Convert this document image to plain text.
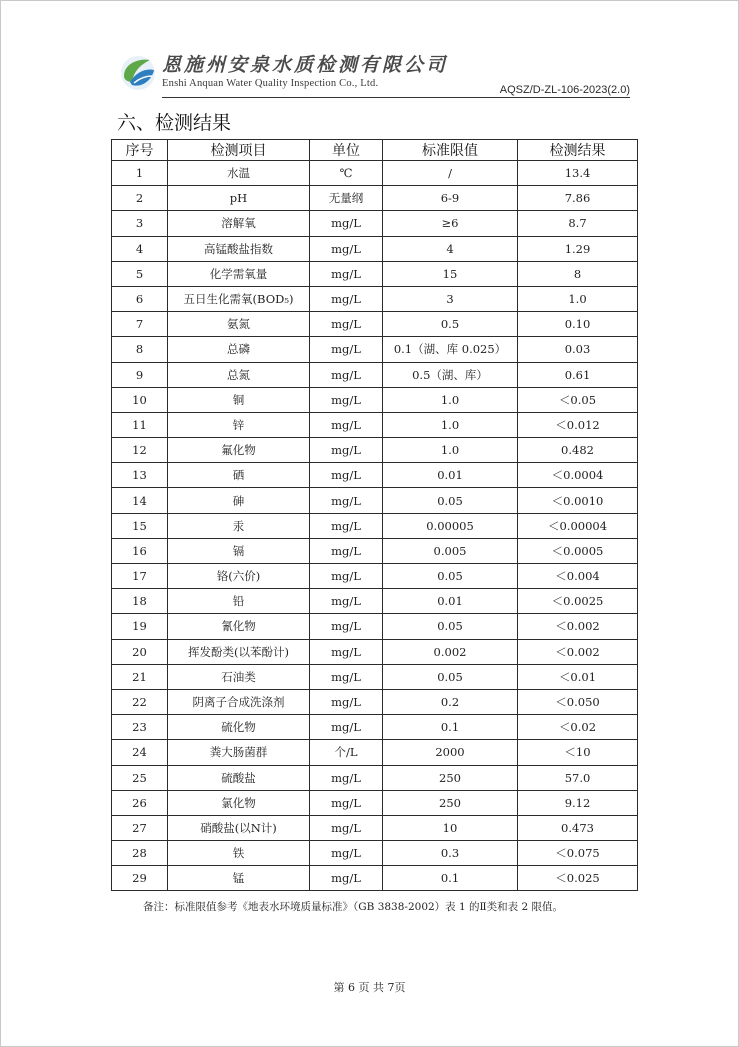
恩施州安泉水质检测有限公司
Enshi Anquan Water Quality Inspection Co., Ltd.
AQSZ/D-ZL-106-2023(2.0)
六、检测结果
序号	检测项目	单位	标准限值	检测结果
1	水温	℃	/	13.4
2	pH	无量纲	6-9	7.86
3	溶解氧	mg/L	≥6	8.7
4	高锰酸盐指数	mg/L	4	1.29
5	化学需氧量	mg/L	15	8
6	五日生化需氧(BOD₅)	mg/L	3	1.0
7	氨氮	mg/L	0.5	0.10
8	总磷	mg/L	0.1（湖、库 0.025）	0.03
9	总氮	mg/L	0.5（湖、库）	0.61
10	铜	mg/L	1.0	＜0.05
11	锌	mg/L	1.0	＜0.012
12	氟化物	mg/L	1.0	0.482
13	硒	mg/L	0.01	＜0.0004
14	砷	mg/L	0.05	＜0.0010
15	汞	mg/L	0.00005	＜0.00004
16	镉	mg/L	0.005	＜0.0005
17	铬(六价)	mg/L	0.05	＜0.004
18	铅	mg/L	0.01	＜0.0025
19	氰化物	mg/L	0.05	＜0.002
20	挥发酚类(以苯酚计)	mg/L	0.002	＜0.002
21	石油类	mg/L	0.05	＜0.01
22	阴离子合成洗涤剂	mg/L	0.2	＜0.050
23	硫化物	mg/L	0.1	＜0.02
24	粪大肠菌群	个/L	2000	＜10
25	硫酸盐	mg/L	250	57.0
26	氯化物	mg/L	250	9.12
27	硝酸盐(以N计)	mg/L	10	0.473
28	铁	mg/L	0.3	＜0.075
29	锰	mg/L	0.1	＜0.025
备注：标准限值参考《地表水环境质量标准》（GB 3838-2002）表 1 的Ⅱ类和表 2 限值。
第 6 页 共 7页
